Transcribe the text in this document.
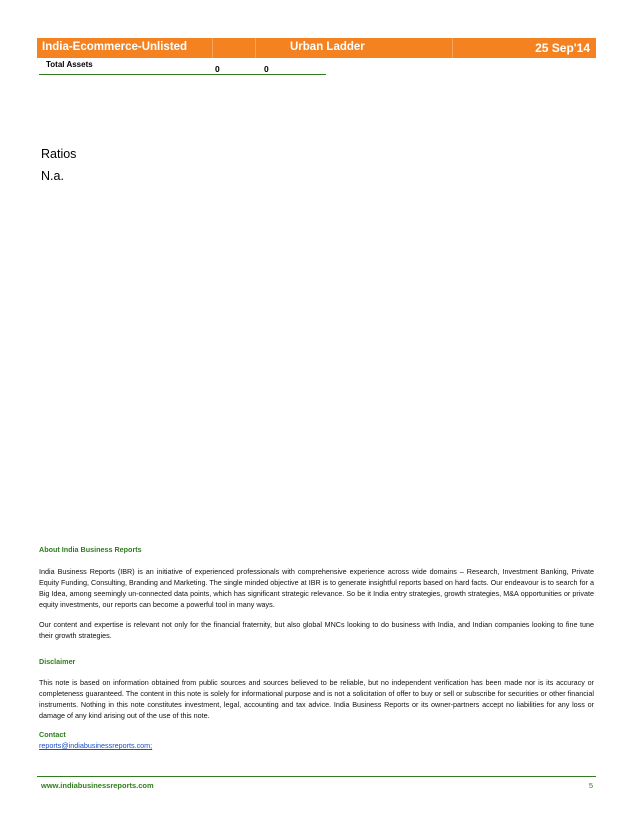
India-Ecommerce-Unlisted	Urban Ladder	25 Sep'14
Total Assets	0	0
Ratios
N.a.
About India Business Reports
India Business Reports (IBR) is an initiative of experienced professionals with comprehensive experience across wide domains – Research, Investment Banking, Private Equity Funding, Consulting, Branding and Marketing. The single minded objective at IBR is to generate insightful reports based on hard facts. Our endeavour is to search for a Big Idea, among seemingly un-connected data points, which has significant strategic relevance. So be it India entry strategies, growth strategies, M&A opportunities or private equity investments, our reports can become a powerful tool in many ways.
Our content and expertise is relevant not only for the financial fraternity, but also global MNCs looking to do business with India, and Indian companies looking to fine tune their growth strategies.
Disclaimer
This note is based on information obtained from public sources and sources believed to be reliable, but no independent verification has been made nor is its accuracy or completeness guaranteed. The content in this note is solely for informational purpose and is not a solicitation of offer to buy or sell or subscribe for securities or other financial instruments. Nothing in this note constitutes investment, legal, accounting and tax advice. India Business Reports or its owner-partners accept no liabilities for any loss or damage of any kind arising out of the use of this note.
Contact
reports@indiabusinessreports.com;
www.indiabusinessreports.com	5
